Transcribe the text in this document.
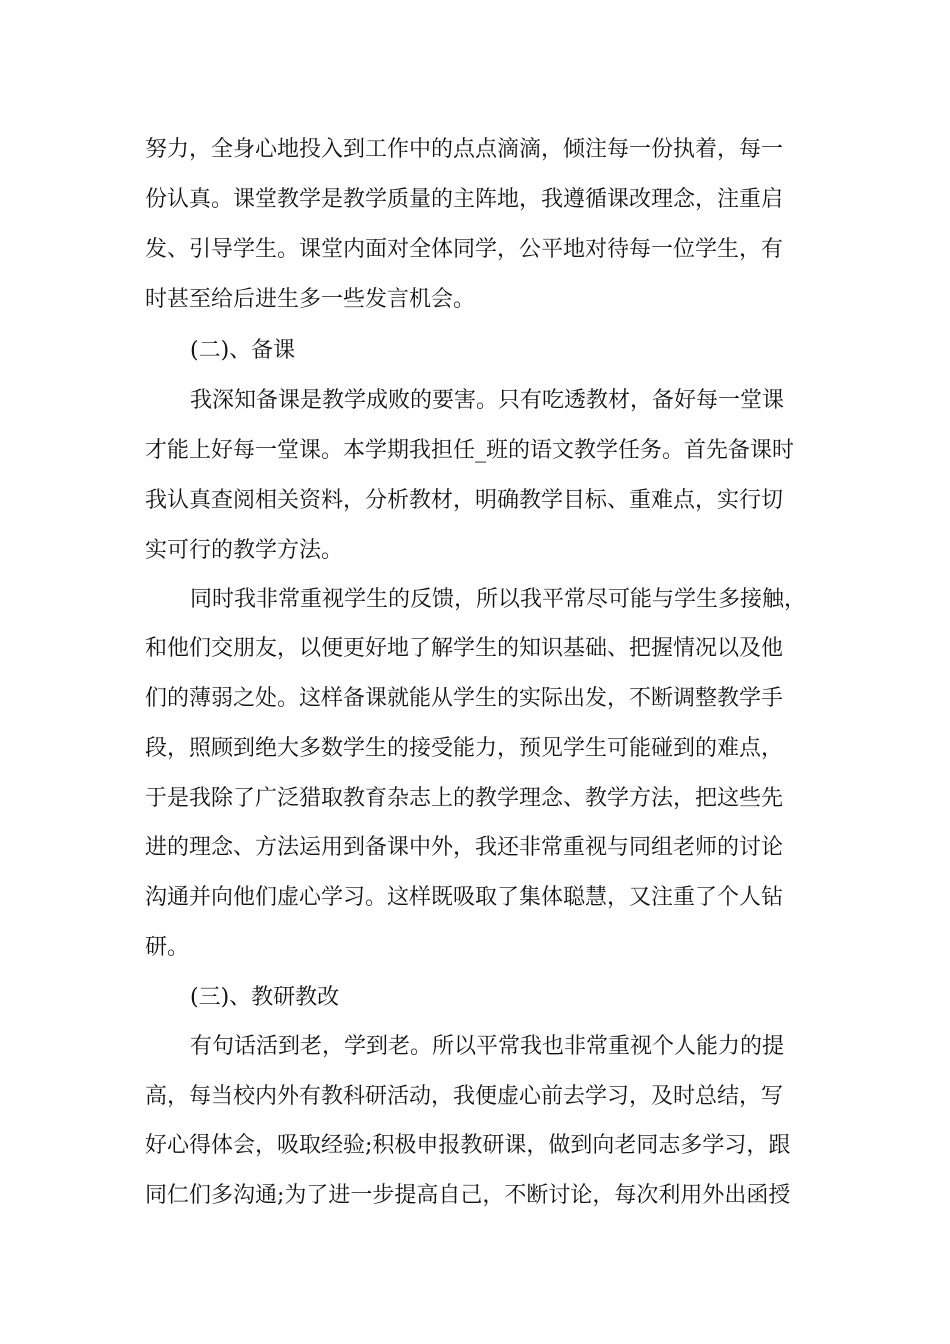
努力，全身心地投入到工作中的点点滴滴，倾注每一份执着，每一
份认真。课堂教学是教学质量的主阵地，我遵循课改理念，注重启
发、引导学生。课堂内面对全体同学，公平地对待每一位学生，有
时甚至给后进生多一些发言机会。
(二)、备课
我深知备课是教学成败的要害。只有吃透教材，备好每一堂课
才能上好每一堂课。本学期我担任_班的语文教学任务。首先备课时
我认真查阅相关资料，分析教材，明确教学目标、重难点，实行切
实可行的教学方法。
同时我非常重视学生的反馈，所以我平常尽可能与学生多接触，
和他们交朋友，以便更好地了解学生的知识基础、把握情况以及他
们的薄弱之处。这样备课就能从学生的实际出发，不断调整教学手
段，照顾到绝大多数学生的接受能力，预见学生可能碰到的难点，
于是我除了广泛猎取教育杂志上的教学理念、教学方法，把这些先
进的理念、方法运用到备课中外，我还非常重视与同组老师的讨论
沟通并向他们虚心学习。这样既吸取了集体聪慧，又注重了个人钻
研。
(三)、教研教改
有句话活到老，学到老。所以平常我也非常重视个人能力的提
高，每当校内外有教科研活动，我便虚心前去学习，及时总结，写
好心得体会，吸取经验;积极申报教研课，做到向老同志多学习，跟
同仁们多沟通;为了进一步提高自己，不断讨论，每次利用外出函授
